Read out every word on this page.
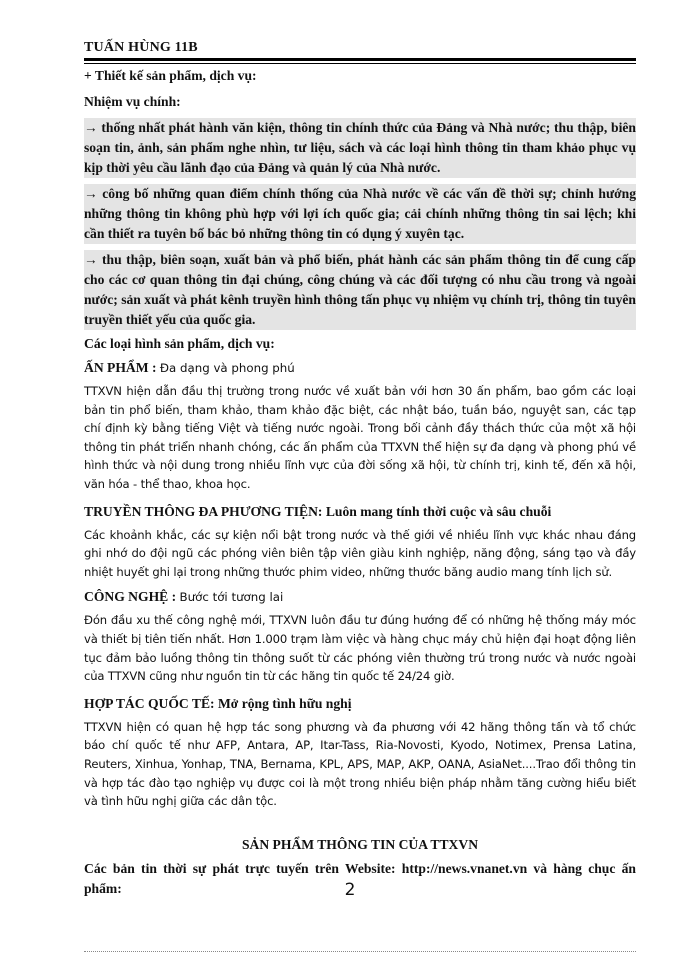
TUẤN HÙNG 11B

+ Thiết kế sản phẩm, dịch vụ:

Nhiệm vụ chính:

→ thống nhất phát hành văn kiện, thông tin chính thức của Đảng và Nhà nước; thu thập, biên soạn tin, ảnh, sản phẩm nghe nhìn, tư liệu, sách và các loại hình thông tin tham khảo phục vụ kịp thời yêu cầu lãnh đạo của Đảng và quản lý của Nhà nước.

→ công bố những quan điểm chính thống của Nhà nước về các vấn đề thời sự; chỉnh hướng những thông tin không phù hợp với lợi ích quốc gia; cải chính những thông tin sai lệch; khi cần thiết ra tuyên bố bác bỏ những thông tin có dụng ý xuyên tạc.

→ thu thập, biên soạn, xuất bản và phổ biến, phát hành các sản phẩm thông tin để cung cấp cho các cơ quan thông tin đại chúng, công chúng và các đối tượng có nhu cầu trong và ngoài nước; sản xuất và phát kênh truyền hình thông tấn phục vụ nhiệm vụ chính trị, thông tin tuyên truyền thiết yếu của quốc gia.

Các loại hình sản phẩm, dịch vụ:

ẤN PHẨM : Đa dạng và phong phú

TTXVN hiện dẫn đầu thị trường trong nước về xuất bản với hơn 30 ấn phẩm, bao gồm các loại bản tin phổ biến, tham khảo, tham khảo đặc biệt, các nhật báo, tuần báo, nguyệt san, các tạp chí định kỳ bằng tiếng Việt và tiếng nước ngoài. Trong bối cảnh đầy thách thức của một xã hội thông tin phát triển nhanh chóng, các ấn phẩm của TTXVN thể hiện sự đa dạng và phong phú về hình thức và nội dung trong nhiều lĩnh vực của đời sống xã hội, từ chính trị, kinh tế, đến xã hội, văn hóa - thể thao, khoa học.

TRUYỀN THÔNG ĐA PHƯƠNG TIỆN: Luôn mang tính thời cuộc và sâu chuỗi

Các khoảnh khắc, các sự kiện nổi bật trong nước và thế giới về nhiều lĩnh vực khác nhau đáng ghi nhớ do đội ngũ các phóng viên biên tập viên giàu kinh nghiệp, năng động, sáng tạo và đầy nhiệt huyết ghi lại trong những thước phim video, những thước băng audio mang tính lịch sử.

CÔNG NGHỆ : Bước tới tương lai

Đón đầu xu thế công nghệ mới, TTXVN luôn đầu tư đúng hướng để có những hệ thống máy móc và thiết bị tiên tiến nhất. Hơn 1.000 trạm làm việc và hàng chục máy chủ hiện đại hoạt động liên tục đảm bảo luồng thông tin thông suốt từ các phóng viên thường trú trong nước và nước ngoài của TTXVN cũng như nguồn tin từ các hãng tin quốc tế 24/24 giờ.

HỢP TÁC QUỐC TẾ: Mở rộng tình hữu nghị

TTXVN hiện có quan hệ hợp tác song phương và đa phương với 42 hãng thông tấn và tổ chức báo chí quốc tế như AFP, Antara, AP, Itar-Tass, Ria-Novosti, Kyodo, Notimex, Prensa Latina, Reuters, Xinhua, Yonhap, TNA, Bernama, KPL, APS, MAP, AKP, OANA, AsiaNet....Trao đổi thông tin và hợp tác đào tạo nghiệp vụ được coi là một trong nhiều biện pháp nhằm tăng cường hiểu biết và tình hữu nghị giữa các dân tộc.

SẢN PHẨM THÔNG TIN CỦA TTXVN

Các bản tin thời sự phát trực tuyến trên Website: http://news.vnanet.vn và hàng chục ấn phẩm:	2
